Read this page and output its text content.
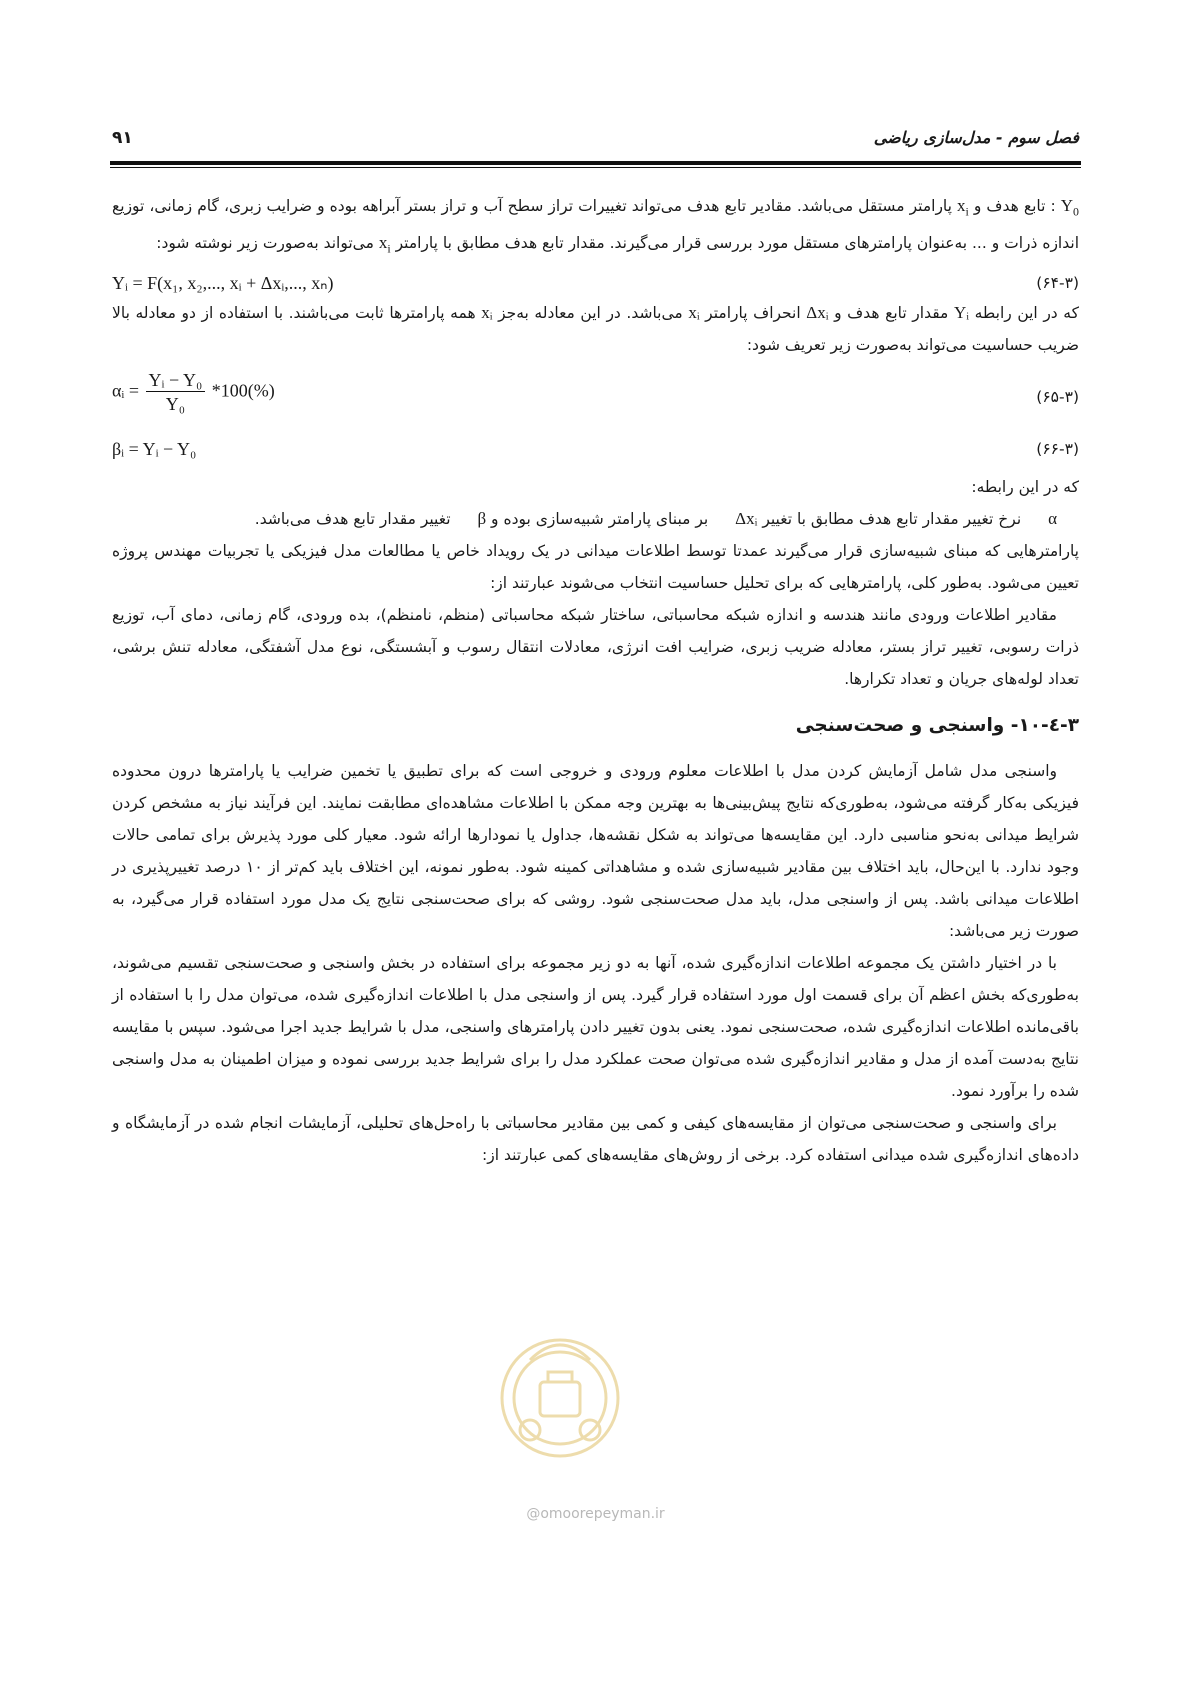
۹۱	فصل سوم - مدل‌سازی ریاضی

$Y_0$ : تابع هدف و $x_i$ پارامتر مستقل می‌باشد. مقادیر تابع هدف می‌تواند تغییرات تراز سطح آب و تراز بستر آبراهه بوده و ضرایب زبری، گام زمانی، توزیع اندازه ذرات و ... به‌عنوان پارامترهای مستقل مورد بررسی قرار می‌گیرند. مقدار تابع هدف مطابق با پارامتر $x_i$ می‌تواند به‌صورت زیر نوشته شود:

Yᵢ = F(x₁, x₂,..., xᵢ + Δxᵢ,..., xₙ)	(۶۴-۳)

که در این رابطه Yᵢ مقدار تابع هدف و Δxᵢ انحراف پارامتر xᵢ می‌باشد. در این معادله به‌جز xᵢ همه پارامترها ثابت می‌باشند. با استفاده از دو معادله بالا ضریب حساسیت می‌تواند به‌صورت زیر تعریف شود:

αᵢ = $\frac{\text{Yᵢ − Y₀}}{\text{Y₀}} *100(\%)$	(۶۵-۳)
βᵢ = Yᵢ − Y₀	(۶۶-۳)

که در این رابطه:

α نرخ تغییر مقدار تابع هدف مطابق با تغییر Δxᵢ بر مبنای پارامتر شبیه‌سازی بوده و β تغییر مقدار تابع هدف می‌باشد.

پارامترهایی که مبنای شبیه‌سازی قرار می‌گیرند عمدتا توسط اطلاعات میدانی در یک رویداد خاص یا مطالعات مدل فیزیکی یا تجربیات مهندس پروژه تعیین می‌شود. به‌طور کلی، پارامترهایی که برای تحلیل حساسیت انتخاب می‌شوند عبارتند از:

مقادیر اطلاعات ورودی مانند هندسه و اندازه شبکه محاسباتی، ساختار شبکه محاسباتی (منظم، نامنظم)، بده ورودی، گام زمانی، دمای آب، توزیع ذرات رسوبی، تغییر تراز بستر، معادله ضریب زبری، ضرایب افت انرژی، معادلات انتقال رسوب و آبشستگی، نوع مدل آشفتگی، معادله تنش برشی، تعداد لوله‌های جریان و تعداد تکرارها.

۳-٤-۱۰- واسنجی و صحت‌سنجی

واسنجی مدل شامل آزمایش کردن مدل با اطلاعات معلوم ورودی و خروجی است که برای تطبیق یا تخمین ضرایب یا پارامترها درون محدوده فیزیکی به‌کار گرفته می‌شود، به‌طوری‌که نتایج پیش‌بینی‌ها به بهترین وجه ممکن با اطلاعات مشاهده‌ای مطابقت نمایند. این فرآیند نیاز به مشخص کردن شرایط میدانی به‌نحو مناسبی دارد. این مقایسه‌ها می‌تواند به شکل نقشه‌ها، جداول یا نمودارها ارائه شود. معیار کلی مورد پذیرش برای تمامی حالات وجود ندارد. با این‌حال، باید اختلاف بین مقادیر شبیه‌سازی شده و مشاهداتی کمینه شود. به‌طور نمونه، این اختلاف باید کم‌تر از ۱۰ درصد تغییرپذیری در اطلاعات میدانی باشد. پس از واسنجی مدل، باید مدل صحت‌سنجی شود. روشی که برای صحت‌سنجی نتایج یک مدل مورد استفاده قرار می‌گیرد، به صورت زیر می‌باشد:

با در اختیار داشتن یک مجموعه اطلاعات اندازه‌گیری شده، آنها به دو زیر مجموعه برای استفاده در بخش واسنجی و صحت‌سنجی تقسیم می‌شوند، به‌طوری‌که بخش اعظم آن برای قسمت اول مورد استفاده قرار گیرد. پس از واسنجی مدل با اطلاعات اندازه‌گیری شده، می‌توان مدل را با استفاده از باقی‌مانده اطلاعات اندازه‌گیری شده، صحت‌سنجی نمود. یعنی بدون تغییر دادن پارامترهای واسنجی، مدل با شرایط جدید اجرا می‌شود. سپس با مقایسه نتایج به‌دست آمده از مدل و مقادیر اندازه‌گیری شده می‌توان صحت عملکرد مدل را برای شرایط جدید بررسی نموده و میزان اطمینان به مدل واسنجی شده را برآورد نمود.

برای واسنجی و صحت‌سنجی می‌توان از مقایسه‌های کیفی و کمی بین مقادیر محاسباتی با راه‌حل‌های تحلیلی، آزمایشات انجام شده در آزمایشگاه و داده‌های اندازه‌گیری شده میدانی استفاده کرد. برخی از روش‌های مقایسه‌های کمی عبارتند از:

@omoorepeyman.ir
